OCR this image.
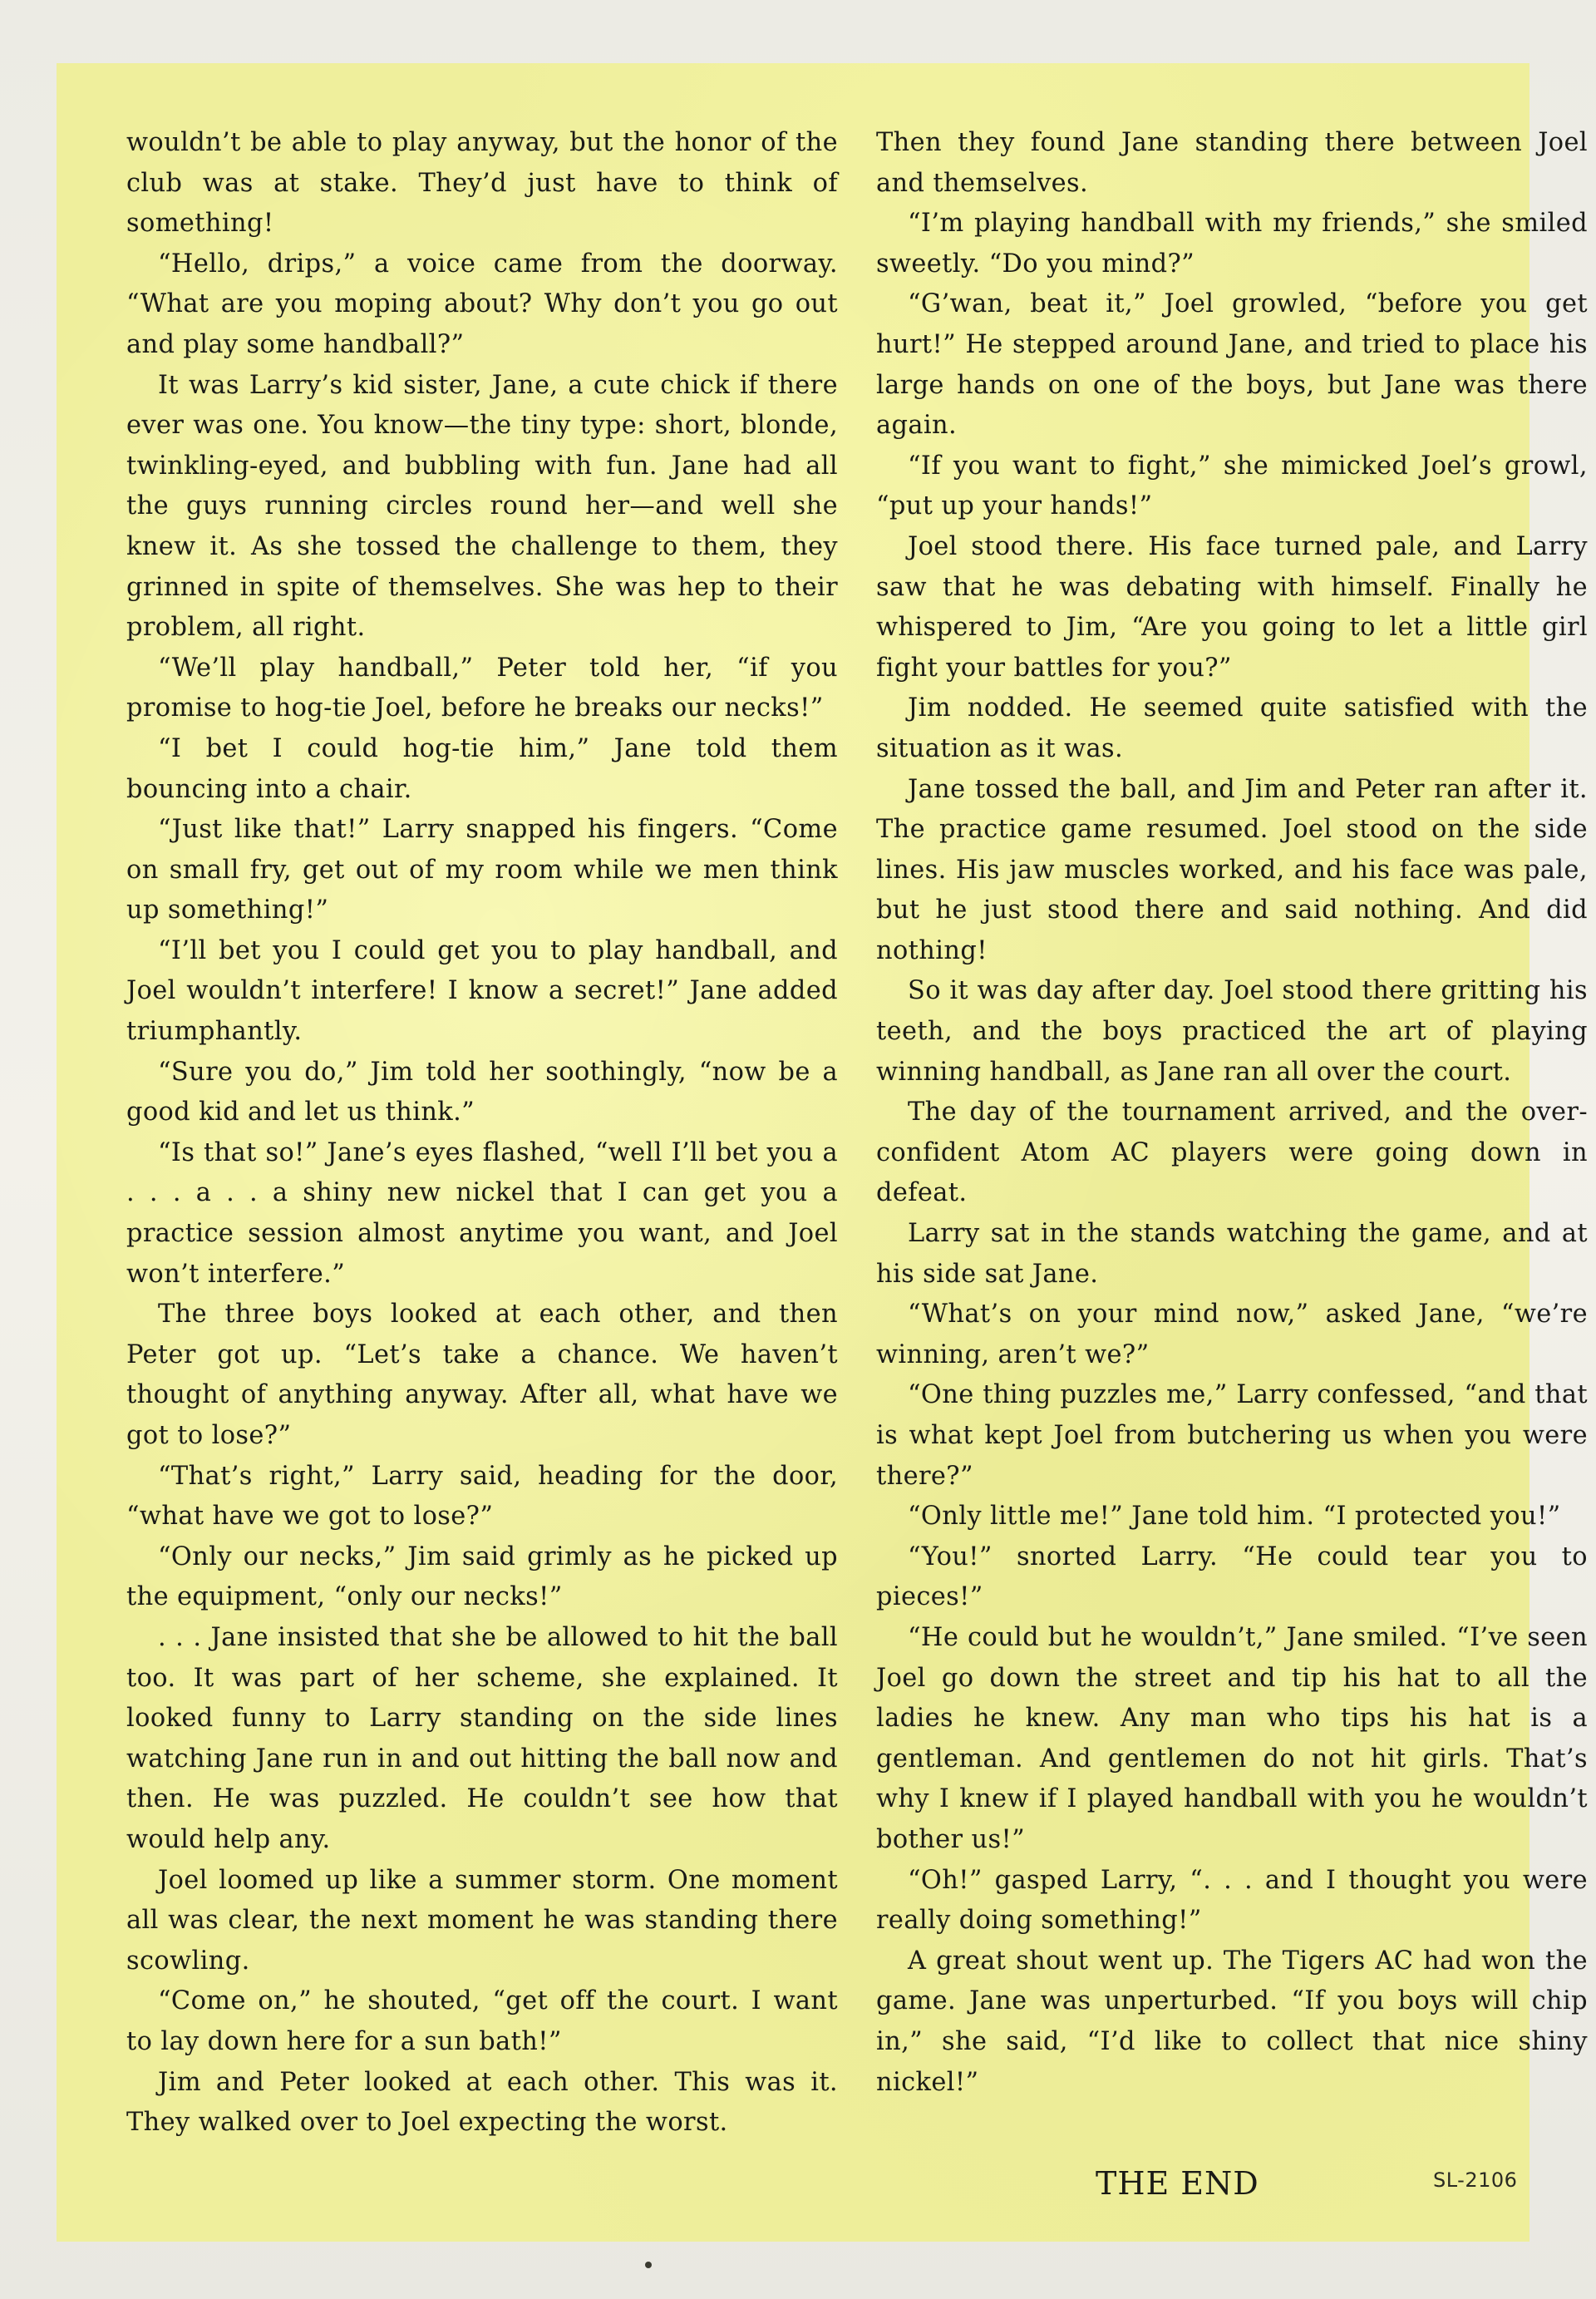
wouldn’t be able to play anyway, but the honor of the club was at stake. They’d just have to think of something!

“Hello, drips,” a voice came from the doorway. “What are you moping about? Why don’t you go out and play some handball?”

It was Larry’s kid sister, Jane, a cute chick if there ever was one. You know—the tiny type: short, blonde, twinkling-eyed, and bubbling with fun. Jane had all the guys running circles round her—and well she knew it. As she tossed the challenge to them, they grinned in spite of themselves. She was hep to their problem, all right.

“We’ll play handball,” Peter told her, “if you promise to hog-tie Joel, before he breaks our necks!”

“I bet I could hog-tie him,” Jane told them bouncing into a chair.

“Just like that!” Larry snapped his fingers. “Come on small fry, get out of my room while we men think up something!”

“I’ll bet you I could get you to play handball, and Joel wouldn’t interfere! I know a secret!” Jane added triumphantly.

“Sure you do,” Jim told her soothingly, “now be a good kid and let us think.”

“Is that so!” Jane’s eyes flashed, “well I’ll bet you a . . . a . . a shiny new nickel that I can get you a practice session almost anytime you want, and Joel won’t interfere.”

The three boys looked at each other, and then Peter got up. “Let’s take a chance. We haven’t thought of anything anyway. After all, what have we got to lose?”

“That’s right,” Larry said, heading for the door, “what have we got to lose?”

“Only our necks,” Jim said grimly as he picked up the equipment, “only our necks!”

. . . Jane insisted that she be allowed to hit the ball too. It was part of her scheme, she explained. It looked funny to Larry standing on the side lines watching Jane run in and out hitting the ball now and then. He was puzzled. He couldn’t see how that would help any.

Joel loomed up like a summer storm. One moment all was clear, the next moment he was standing there scowling.

“Come on,” he shouted, “get off the court. I want to lay down here for a sun bath!”

Jim and Peter looked at each other. This was it. They walked over to Joel expecting the worst.

Then they found Jane standing there between Joel and themselves.

“I’m playing handball with my friends,” she smiled sweetly. “Do you mind?”

“G’wan, beat it,” Joel growled, “before you get hurt!” He stepped around Jane, and tried to place his large hands on one of the boys, but Jane was there again.

“If you want to fight,” she mimicked Joel’s growl, “put up your hands!”

Joel stood there. His face turned pale, and Larry saw that he was debating with himself. Finally he whispered to Jim, “Are you going to let a little girl fight your battles for you?”

Jim nodded. He seemed quite satisfied with the situation as it was.

Jane tossed the ball, and Jim and Peter ran after it. The practice game resumed. Joel stood on the side lines. His jaw muscles worked, and his face was pale, but he just stood there and said nothing. And did nothing!

So it was day after day. Joel stood there gritting his teeth, and the boys practiced the art of playing winning handball, as Jane ran all over the court.

The day of the tournament arrived, and the over-confident Atom AC players were going down in defeat.

Larry sat in the stands watching the game, and at his side sat Jane.

“What’s on your mind now,” asked Jane, “we’re winning, aren’t we?”

“One thing puzzles me,” Larry confessed, “and that is what kept Joel from butchering us when you were there?”

“Only little me!” Jane told him. “I protected you!”

“You!” snorted Larry. “He could tear you to pieces!”

“He could but he wouldn’t,” Jane smiled. “I’ve seen Joel go down the street and tip his hat to all the ladies he knew. Any man who tips his hat is a gentleman. And gentlemen do not hit girls. That’s why I knew if I played handball with you he wouldn’t bother us!”

“Oh!” gasped Larry, “. . . and I thought you were really doing something!”

A great shout went up. The Tigers AC had won the game. Jane was unperturbed. “If you boys will chip in,” she said, “I’d like to collect that nice shiny nickel!”

THE END	SL-2106
